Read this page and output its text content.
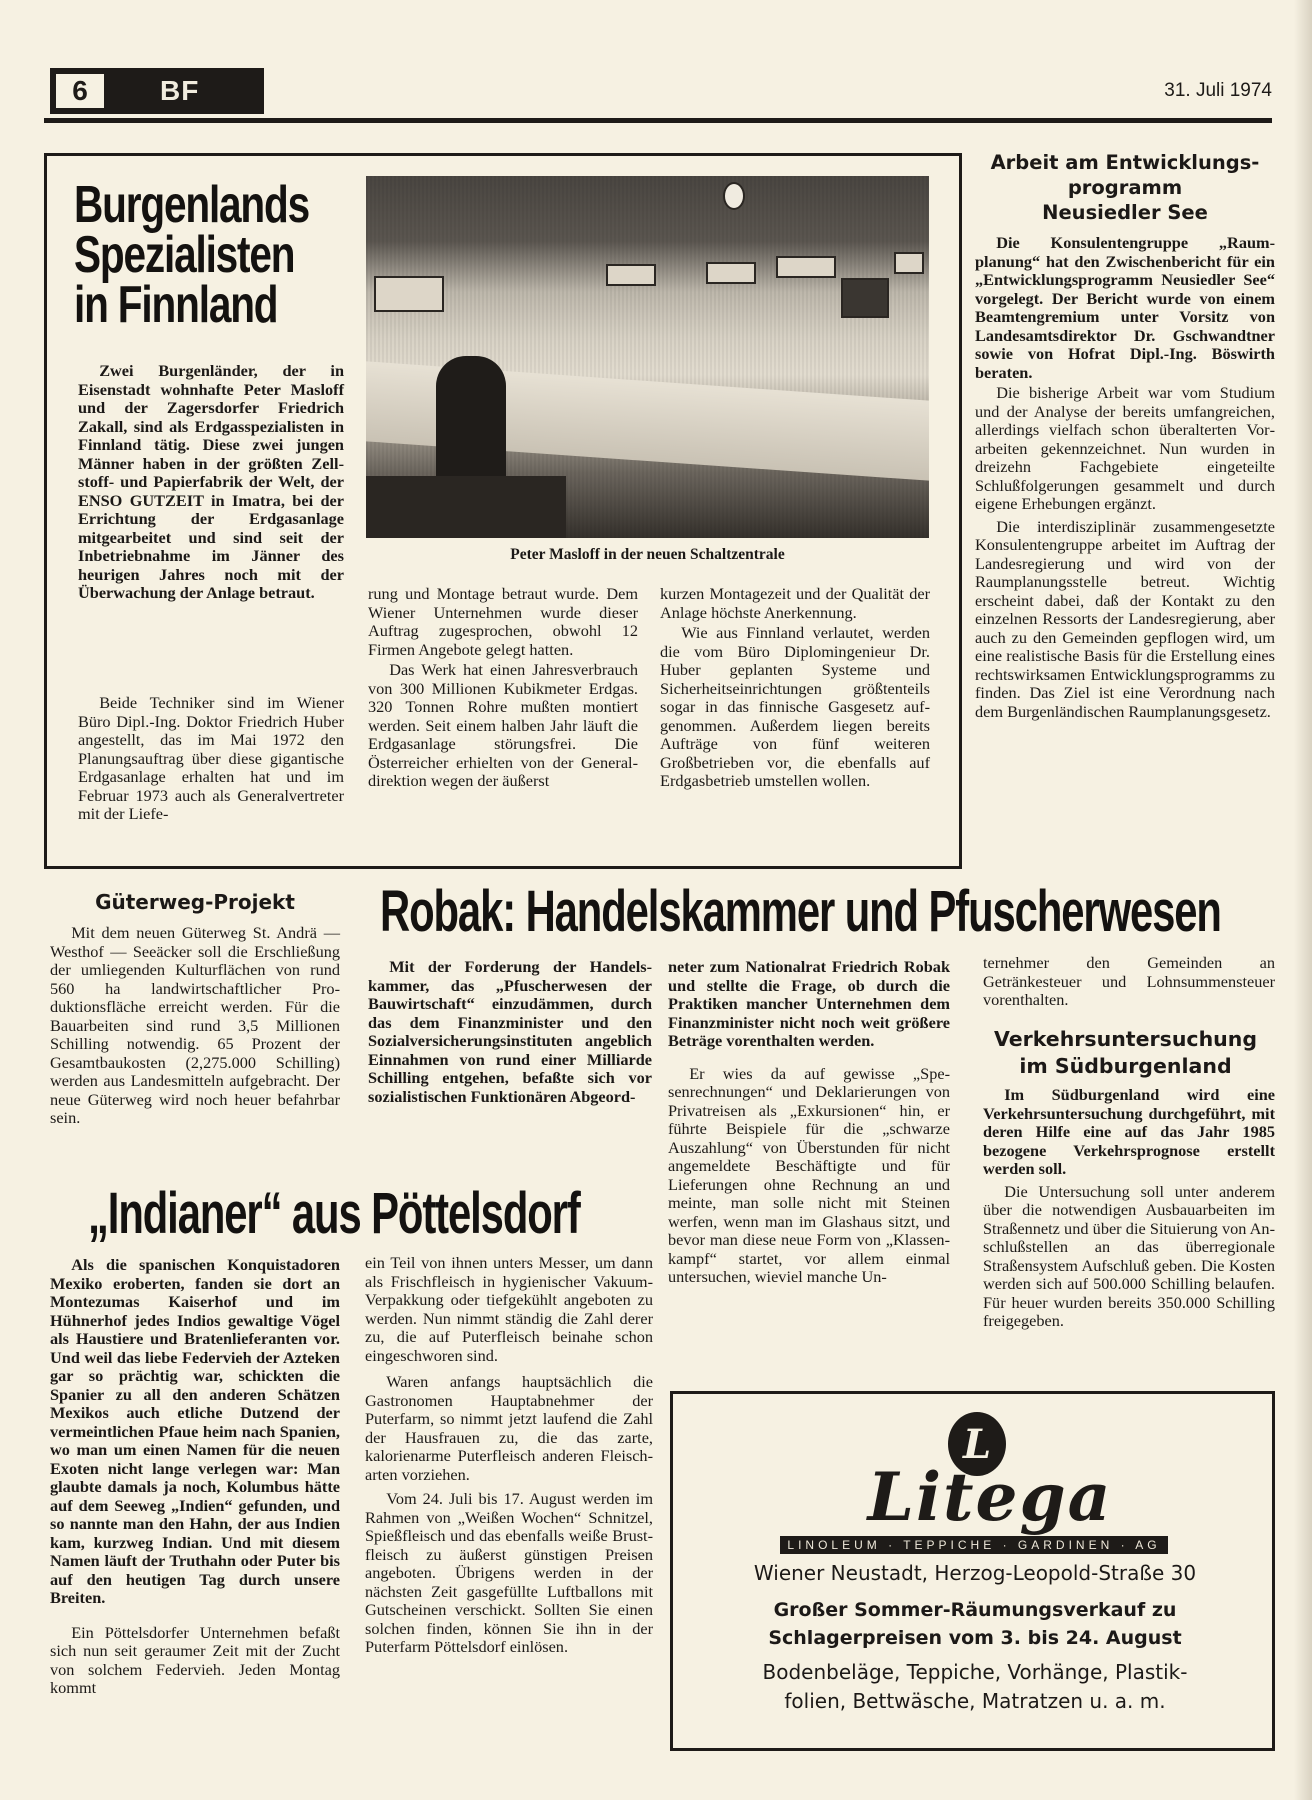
6	BF	31. Juli 1974
Burgenlands
Spezialisten
in Finnland
Peter Masloff in der neuen Schaltzentrale

Zwei Burgenländer, der in Eisenstadt wohnhafte Peter Masloff und der Zagersdorfer Friedrich Zakall, sind als Erdgasspezialisten in Finnland tätig. Diese zwei jungen Männer haben in der größten Zellstoff- und Papierfabrik der Welt, der ENSO GUTZEIT in Imatra, bei der Errichtung der Erdgasanlage mitgearbeitet und sind seit der Inbetriebnahme im Jänner des heurigen Jahres noch mit der Überwachung der Anlage betraut.

Beide Techniker sind im Wiener Büro Dipl.-Ing. Doktor Friedrich Huber angestellt, das im Mai 1972 den Planungsauftrag über diese gigantische Erdgasanlage erhalten hat und im Februar 1973 auch als Generalvertreter mit der Liefe-

rung und Montage betraut wurde. Dem Wiener Unternehmen wurde dieser Auftrag zugesprochen, obwohl 12 Firmen Angebote gelegt hatten.

Das Werk hat einen Jahresverbrauch von 300 Millionen Kubikmeter Erdgas. 320 Tonnen Rohre mußten montiert werden. Seit einem halben Jahr läuft die Erdgasanlage störungsfrei. Die Österreicher erhielten von der Generaldirektion wegen der äußerst

kurzen Montagezeit und der Qualität der Anlage höchste Anerkennung.

Wie aus Finnland verlautet, werden die vom Büro Diplomingenieur Dr. Huber geplanten Systeme und Sicherheitseinrichtungen größtenteils sogar in das finnische Gasgesetz aufgenommen. Außerdem liegen bereits Aufträge von fünf weiteren Großbetrieben vor, die ebenfalls auf Erdgasbetrieb umstellen wollen.

Arbeit am Entwicklungs-
programm
Neusiedler See

Die Konsulentengruppe „Raumplanung“ hat den Zwischenbericht für ein „Entwicklungsprogramm Neusiedler See“ vorgelegt. Der Bericht wurde von einem Beamtengremium unter Vorsitz von Landesamtsdirektor Dr. Gschwandtner sowie von Hofrat Dipl.-Ing. Böswirth beraten.

Die bisherige Arbeit war vom Studium und der Analyse der bereits umfangreichen, allerdings vielfach schon überalterten Vorarbeiten gekennzeichnet. Nun wurden in dreizehn Fachgebiete eingeteilte Schlußfolgerungen gesammelt und durch eigene Erhebungen ergänzt.

Die interdisziplinär zusammengesetzte Konsulentengruppe arbeitet im Auftrag der Landesregierung und wird von der Raumplanungsstelle betreut. Wichtig erscheint dabei, daß der Kontakt zu den einzelnen Ressorts der Landesregierung, aber auch zu den Gemeinden gepflogen wird, um eine realistische Basis für die Erstellung eines rechtswirksamen Entwicklungsprogramms zu finden. Das Ziel ist eine Verordnung nach dem Burgenländischen Raumplanungsgesetz.

Güterweg-Projekt

Mit dem neuen Güterweg St. Andrä — Westhof — Seeäcker soll die Erschließung der umliegenden Kulturflächen von rund 560 ha landwirtschaftlicher Produktionsfläche erreicht werden. Für die Bauarbeiten sind rund 3,5 Millionen Schilling notwendig. 65 Prozent der Gesamtbaukosten (2,275.000 Schilling) werden aus Landesmitteln aufgebracht. Der neue Güterweg wird noch heuer befahrbar sein.

Robak: Handelskammer und Pfuscherwesen

Mit der Forderung der Handelskammer, das „Pfuscherwesen der Bauwirtschaft“ einzudämmen, durch das dem Finanzminister und den Sozialversicherungsinstituten angeblich Einnahmen von rund einer Milliarde Schilling entgehen, befaßte sich vor sozialistischen Funktionären Abgeord-

neter zum Nationalrat Friedrich Robak und stellte die Frage, ob durch die Praktiken mancher Unternehmen dem Finanzminister nicht noch weit größere Beträge vorenthalten werden.

Er wies da auf gewisse „Spesenrechnungen“ und Deklarierungen von Privatreisen als „Exkursionen“ hin, er führte Beispiele für die „schwarze Auszahlung“ von Überstunden für nicht angemeldete Beschäftigte und für Lieferungen ohne Rechnung an und meinte, man solle nicht mit Steinen werfen, wenn man im Glashaus sitzt, und bevor man diese neue Form von „Klassenkampf“ startet, vor allem einmal untersuchen, wieviel manche Un-

ternehmer den Gemeinden an Getränkesteuer und Lohnsummensteuer vorenthalten.

Verkehrsuntersuchung
im Südburgenland

Im Südburgenland wird eine Verkehrsuntersuchung durchgeführt, mit deren Hilfe eine auf das Jahr 1985 bezogene Verkehrsprognose erstellt werden soll.

Die Untersuchung soll unter anderem über die notwendigen Ausbauarbeiten im Straßennetz und über die Situierung von Anschlußstellen an das überregionale Straßensystem Aufschluß geben. Die Kosten werden sich auf 500.000 Schilling belaufen. Für heuer wurden bereits 350.000 Schilling freigegeben.

„Indianer“ aus Pöttelsdorf

Als die spanischen Konquistadoren Mexiko eroberten, fanden sie dort an Montezumas Kaiserhof und im Hühnerhof jedes Indios gewaltige Vögel als Haustiere und Bratenlieferanten vor. Und weil das liebe Federvieh der Azteken gar so prächtig war, schickten die Spanier zu all den anderen Schätzen Mexikos auch etliche Dutzend der vermeintlichen Pfaue heim nach Spanien, wo man um einen Namen für die neuen Exoten nicht lange verlegen war: Man glaubte damals ja noch, Kolumbus hätte auf dem Seeweg „Indien“ gefunden, und so nannte man den Hahn, der aus Indien kam, kurzweg Indian. Und mit diesem Namen läuft der Truthahn oder Puter bis auf den heutigen Tag durch unsere Breiten.

Ein Pöttelsdorfer Unternehmen befaßt sich nun seit geraumer Zeit mit der Zucht von solchem Federvieh. Jeden Montag kommt

ein Teil von ihnen unters Messer, um dann als Frischfleisch in hygienischer Vakuum-Verpakkung oder tiefgekühlt angeboten zu werden. Nun nimmt ständig die Zahl derer zu, die auf Puterfleisch beinahe schon eingeschworen sind.

Waren anfangs hauptsächlich die Gastronomen Hauptabnehmer der Puterfarm, so nimmt jetzt laufend die Zahl der Hausfrauen zu, die das zarte, kalorienarme Puterfleisch anderen Fleischarten vorziehen.

Vom 24. Juli bis 17. August werden im Rahmen von „Weißen Wochen“ Schnitzel, Spießfleisch und das ebenfalls weiße Brustfleisch zu äußerst günstigen Preisen angeboten. Übrigens werden in der nächsten Zeit gasgefüllte Luftballons mit Gutscheinen verschickt. Sollten Sie einen solchen finden, können Sie ihn in der Puterfarm Pöttelsdorf einlösen.

L
Litega
LINOLEUM · TEPPICHE · GARDINEN · AG
Wiener Neustadt, Herzog-Leopold-Straße 30
Großer Sommer-Räumungsverkauf zu
Schlagerpreisen vom 3. bis 24. August
Bodenbeläge, Teppiche, Vorhänge, Plastik-
folien, Bettwäsche, Matratzen u. a. m.
